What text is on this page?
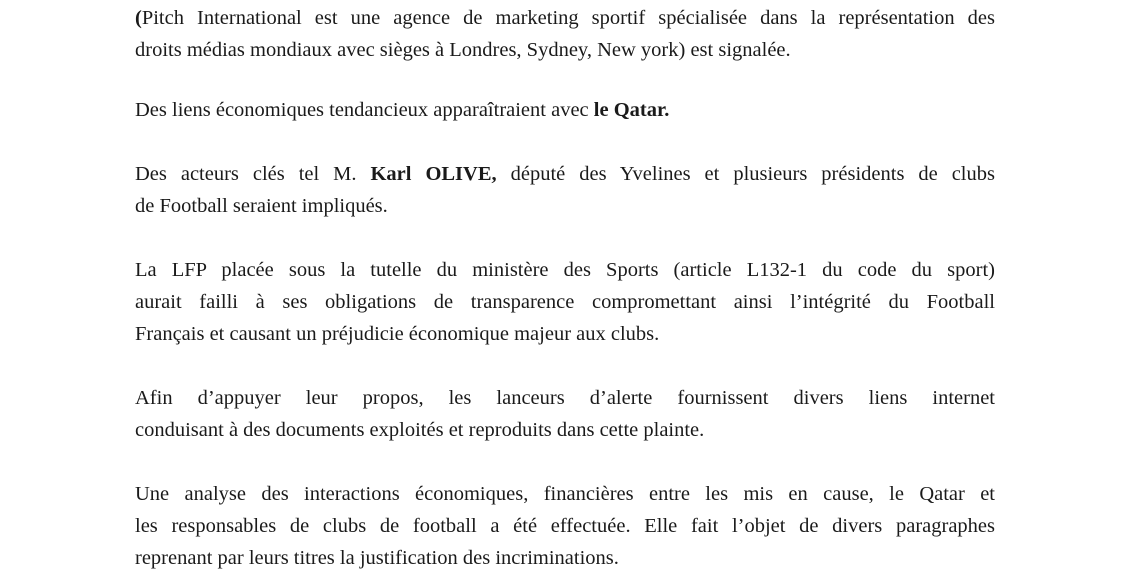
(Pitch International est une agence de marketing sportif spécialisée dans la représentation des
droits médias mondiaux avec sièges à Londres, Sydney, New york) est signalée.

Des liens économiques tendancieux apparaîtraient avec le Qatar.

Des acteurs clés tel M. Karl OLIVE, député des Yvelines et plusieurs présidents de clubs
de Football seraient impliqués.

La LFP placée sous la tutelle du ministère des Sports (article L132-1 du code du sport)
aurait failli à ses obligations de transparence compromettant ainsi l’intégrité du Football
Français et causant un préjudicie économique majeur aux clubs.

Afin d’appuyer leur propos, les lanceurs d’alerte fournissent divers liens internet
conduisant à des documents exploités et reproduits dans cette plainte.

Une analyse des interactions économiques, financières entre les mis en cause, le Qatar et
les responsables de clubs de football a été effectuée. Elle fait l’objet de divers paragraphes
reprenant par leurs titres la justification des incriminations.
